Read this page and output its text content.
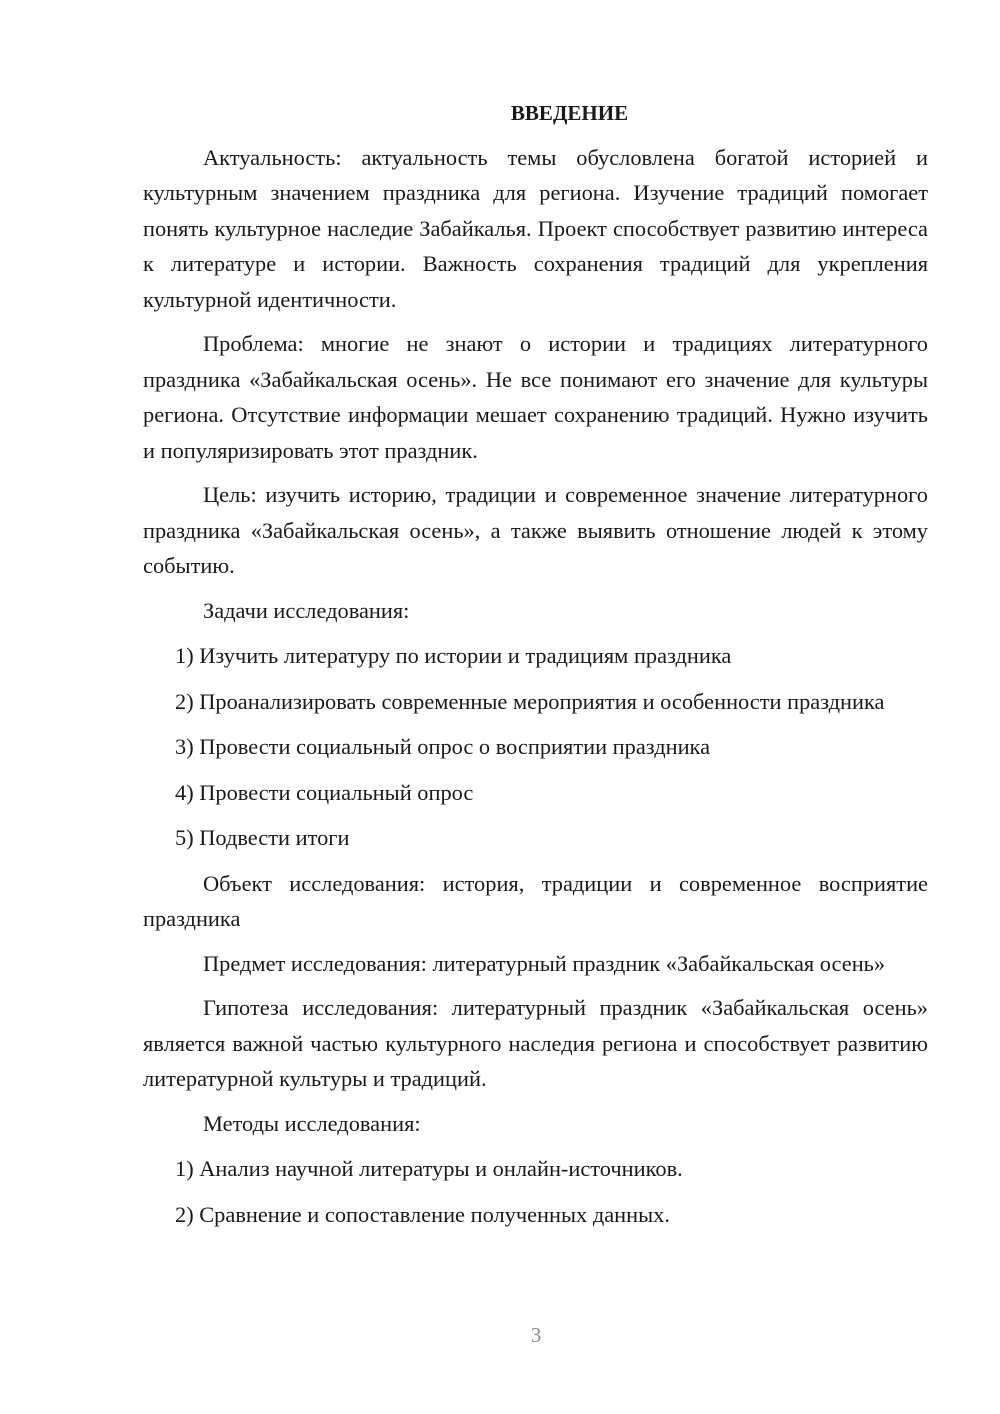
ВВЕДЕНИЕ

Актуальность: актуальность темы обусловлена богатой историей и культурным значением праздника для региона. Изучение традиций помогает понять культурное наследие Забайкалья. Проект способствует развитию интереса к литературе и истории. Важность сохранения традиций для укрепления культурной идентичности.

Проблема: многие не знают о истории и традициях литературного праздника «Забайкальская осень». Не все понимают его значение для культуры региона. Отсутствие информации мешает сохранению традиций. Нужно изучить и популяризировать этот праздник.

Цель: изучить историю, традиции и современное значение литературного праздника «Забайкальская осень», а также выявить отношение людей к этому событию.

Задачи исследования:

1) Изучить литературу по истории и традициям праздника

2) Проанализировать современные мероприятия и особенности праздника

3) Провести социальный опрос о восприятии праздника

4) Провести социальный опрос

5) Подвести итоги

Объект исследования: история, традиции и современное восприятие праздника

Предмет исследования: литературный праздник «Забайкальская осень»

Гипотеза исследования: литературный праздник «Забайкальская осень» является важной частью культурного наследия региона и способствует развитию литературной культуры и традиций.

Методы исследования:

1) Анализ научной литературы и онлайн-источников.

2) Сравнение и сопоставление полученных данных.

3
